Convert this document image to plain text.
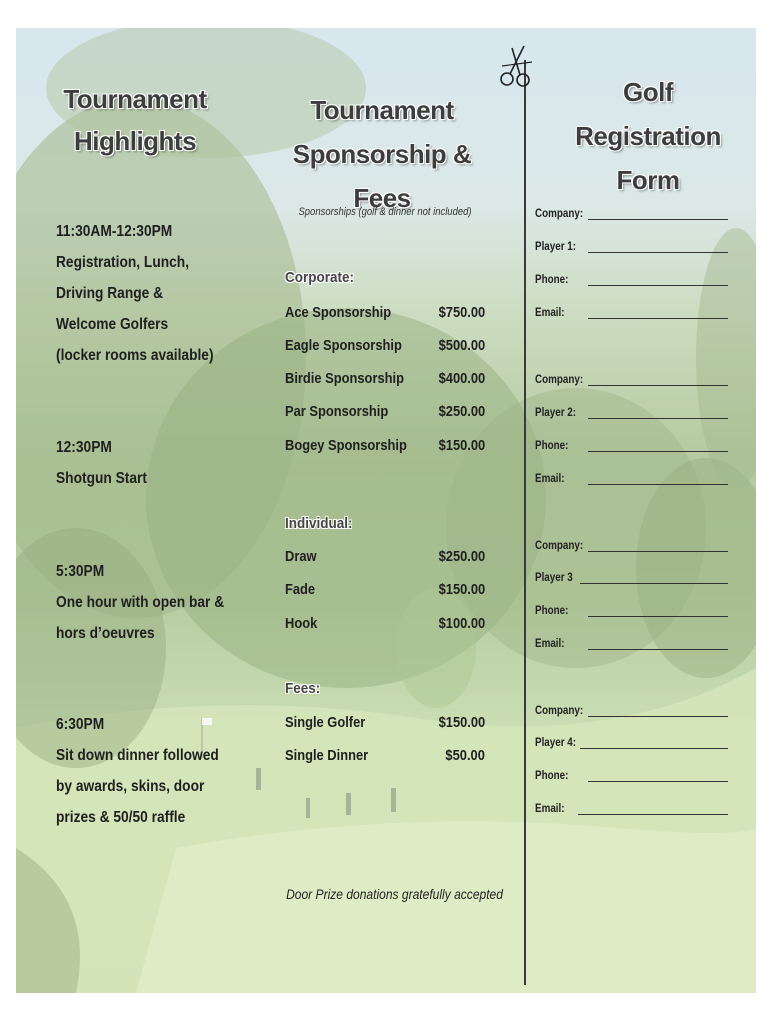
Tournament
Highlights
11:30AM-12:30PM
Registration, Lunch,
Driving Range &
Welcome Golfers
(locker rooms available)
12:30PM
Shotgun Start
5:30PM
One hour with open bar &
hors d’oeuvres
6:30PM
Sit down dinner followed
by awards, skins, door
prizes & 50/50 raffle
Tournament
Sponsorship & Fees
Sponsorships (golf & dinner not included)
Corporate:
Ace Sponsorship	$750.00
Eagle Sponsorship $500.00
Birdie Sponsorship $400.00
Par Sponsorship	$250.00
Bogey Sponsorship $150.00
Individual:
Draw	$250.00
Fade	$150.00
Hook	$100.00
Fees:
Single Golfer	$150.00
Single Dinner	$50.00
Door Prize donations gratefully accepted
Golf Registration
Form
Company:
Player 1:
Phone:
Email:
Company:
Player 2:
Phone:
Email:
Company:
Player 3
Phone:
Email:
Company:
Player 4:
Phone:
Email:
